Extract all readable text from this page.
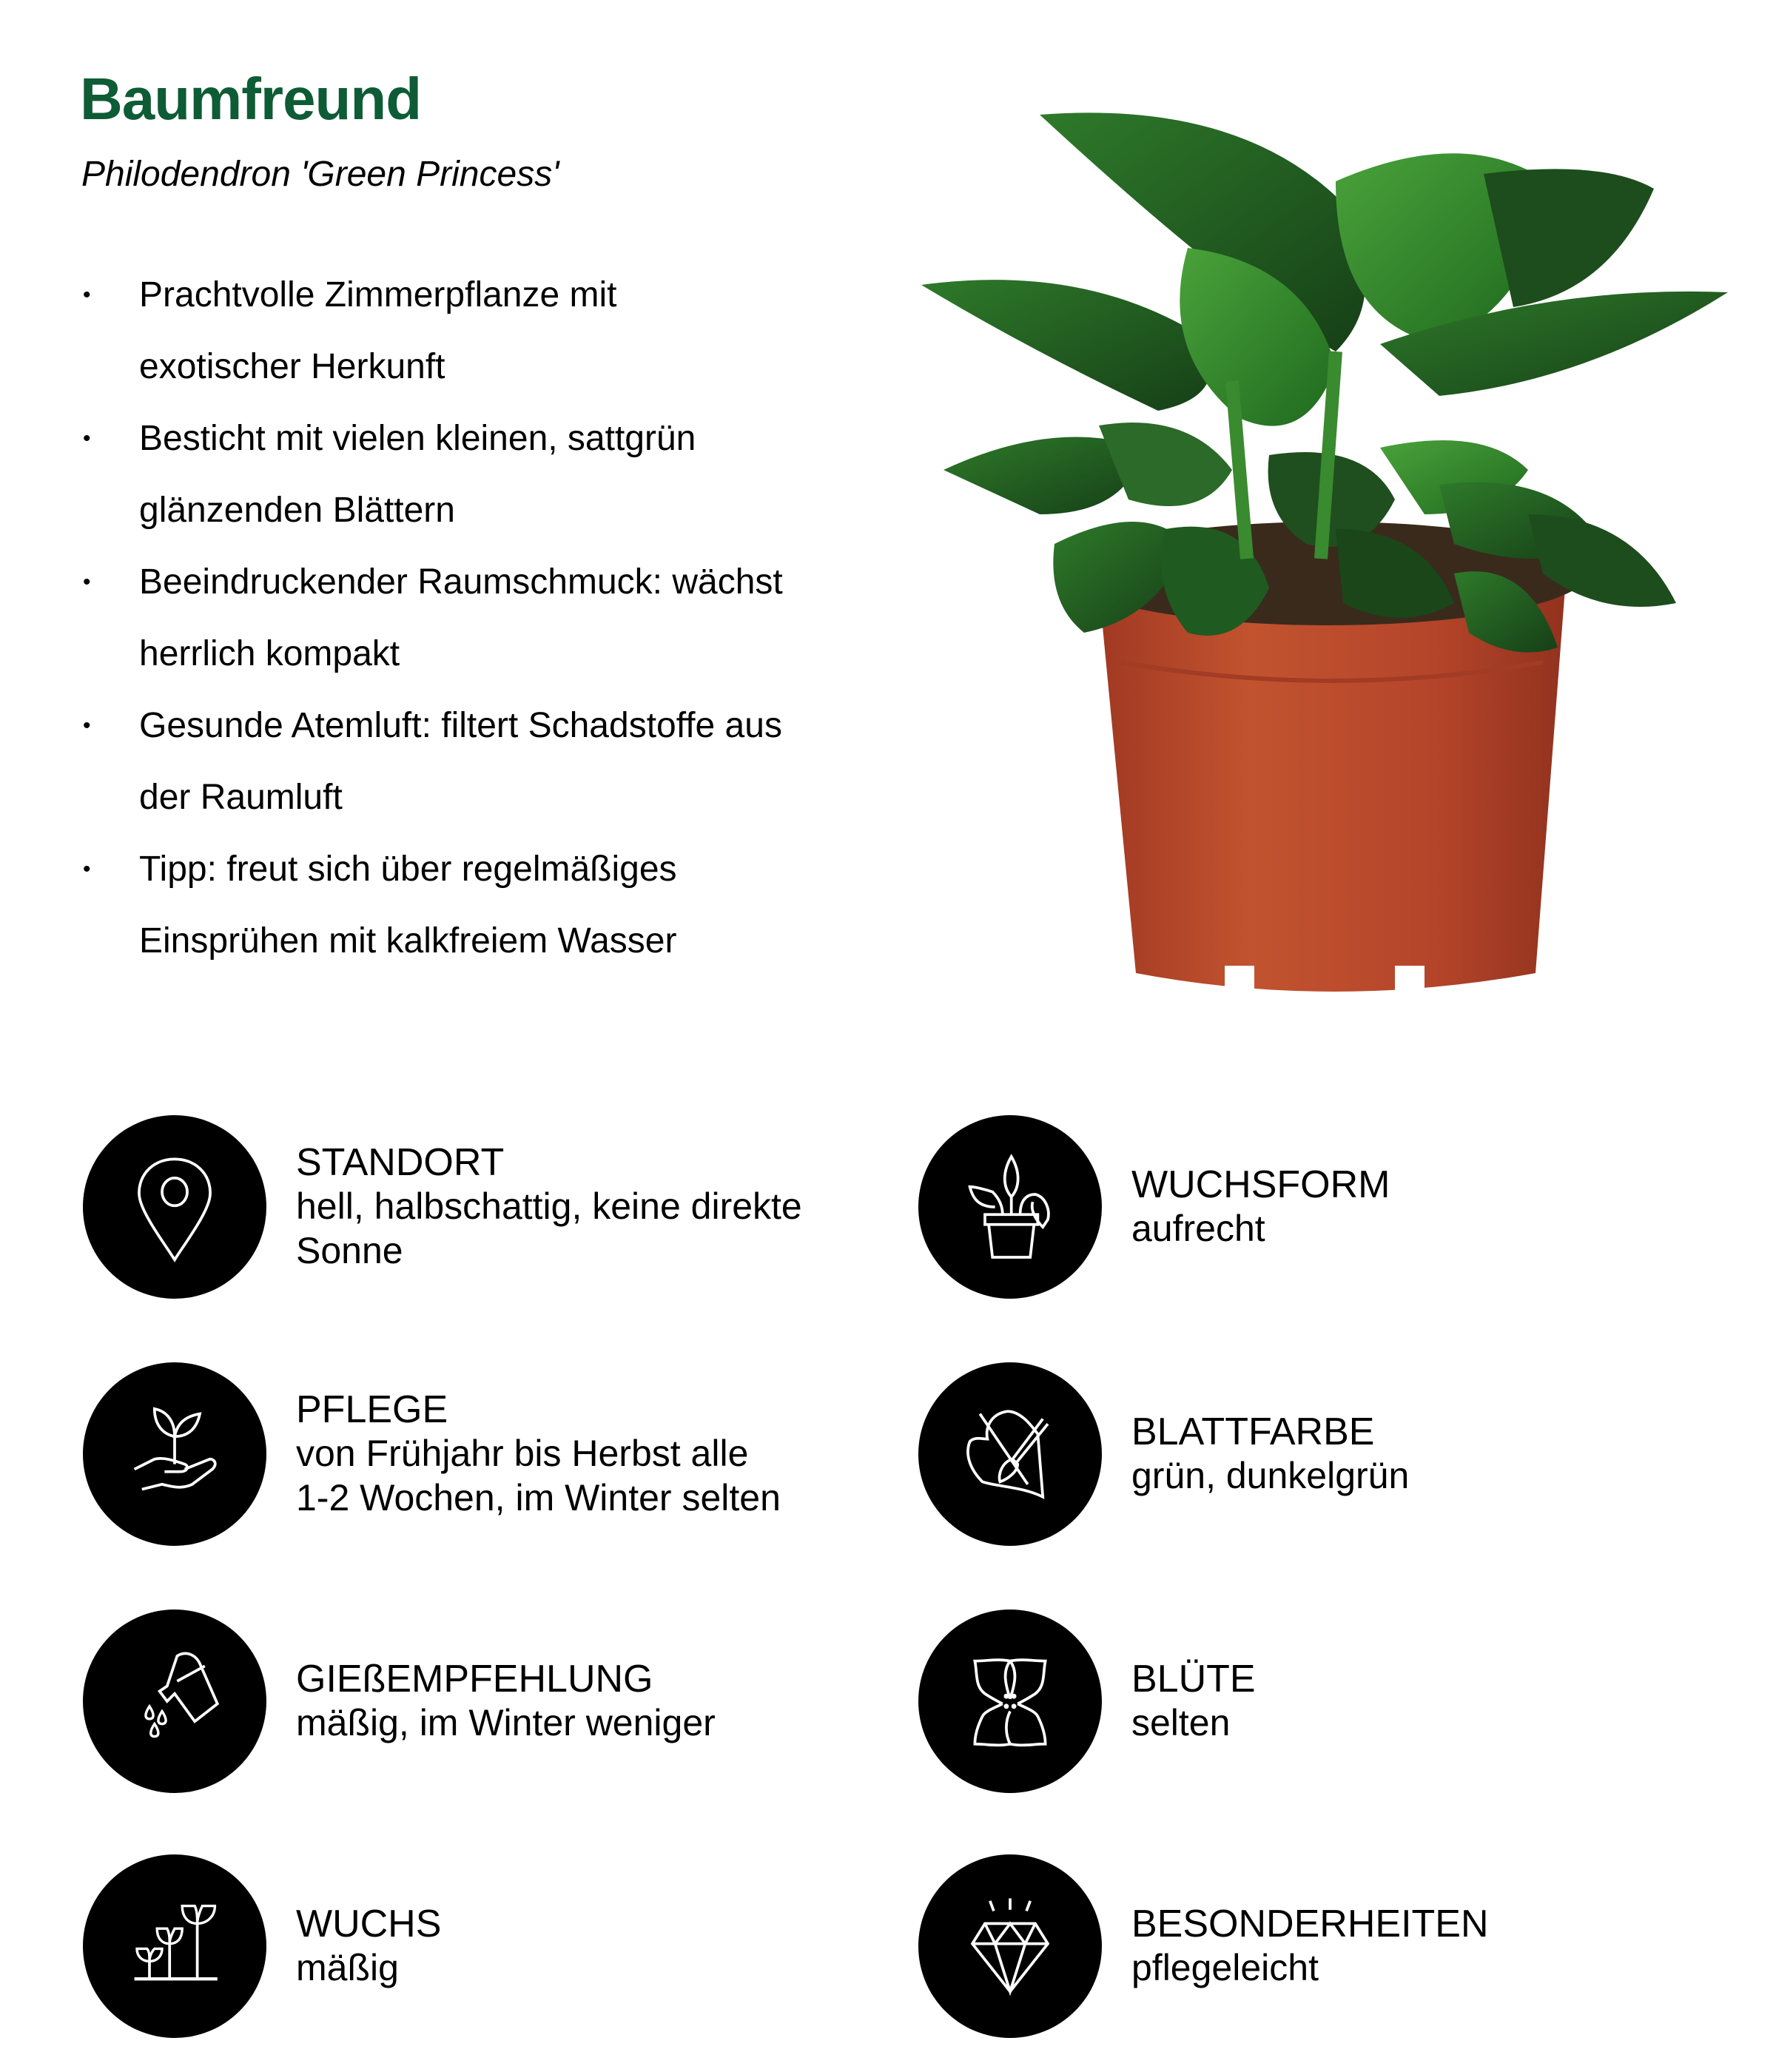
Baumfreund

Philodendron 'Green Princess'

• Prachtvolle Zimmerpflanze mit
exotischer Herkunft
• Besticht mit vielen kleinen, sattgrün
glänzenden Blättern
• Beeindruckender Raumschmuck: wächst
herrlich kompakt
• Gesunde Atemluft: filtert Schadstoffe aus
der Raumluft
• Tipp: freut sich über regelmäßiges
Einsprühen mit kalkfreiem Wasser
STANDORT
hell, halbschattig, keine direkte
Sonne
WUCHSFORM
aufrecht
PFLEGE
von Frühjahr bis Herbst alle
1-2 Wochen, im Winter selten
BLATTFARBE
grün, dunkelgrün
GIEßEMPFEHLUNG
mäßig, im Winter weniger
BLÜTE
selten
WUCHS
mäßig
BESONDERHEITEN
pflegeleicht
